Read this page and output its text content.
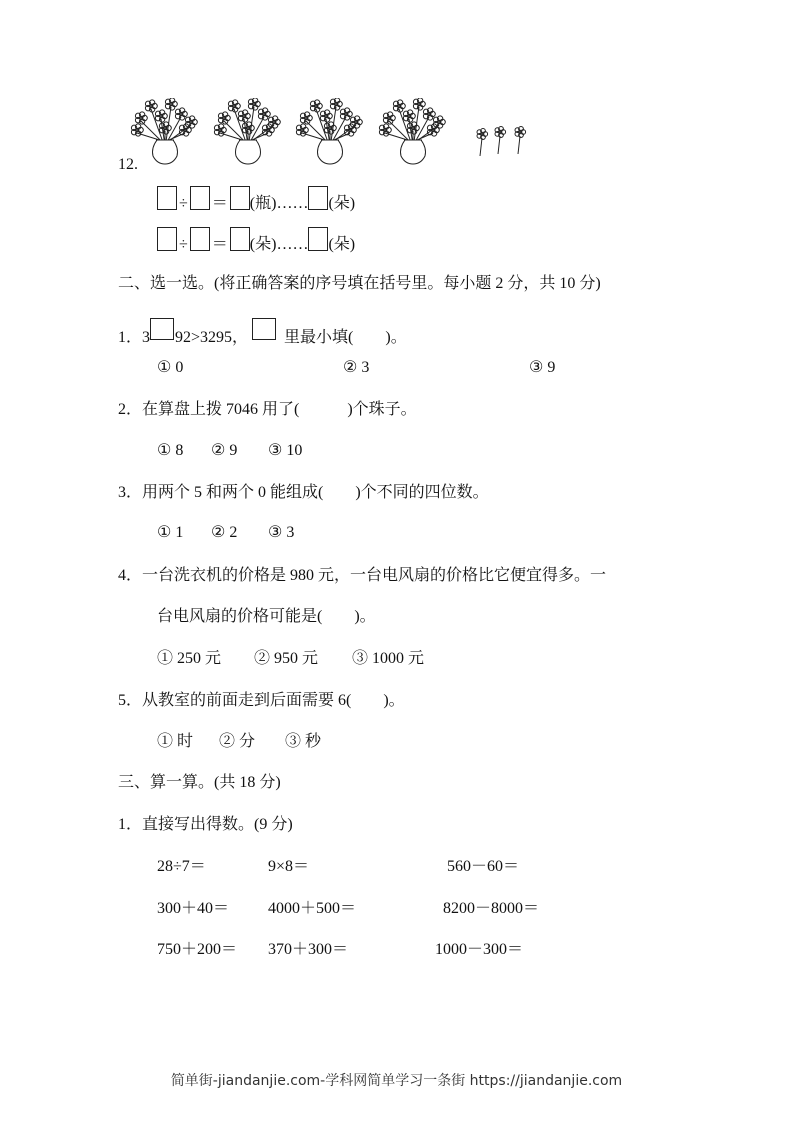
12.
÷ ＝ (瓶)…… (朵)
÷ ＝ (朵)…… (朵)
二、选一选。(将正确答案的序号填在括号里。每小题 2 分，共 10 分)
1．3 92>3295， 里最小填(　　)。
① 0	② 3	③ 9
2．在算盘上拨 7046 用了(　　　)个珠子。
① 8 ② 9 ③ 10
3．用两个 5 和两个 0 能组成(　　)个不同的四位数。
① 1 ② 2 ③ 3
4．一台洗衣机的价格是 980 元，一台电风扇的价格比它便宜得多。一
台电风扇的价格可能是(　　)。
① 250 元 ② 950 元 ③ 1000 元
5．从教室的前面走到后面需要 6(　　)。
① 时 ② 分 ③ 秒
三、算一算。(共 18 分)
1．直接写出得数。(9 分)
28÷7＝	9×8＝	560－60＝
300＋40＝ 4000＋500＝	8200－8000＝
750＋200＝ 370＋300＝	1000－300＝
简单街-jiandanjie.com-学科网简单学习一条街 https://jiandanjie.com
